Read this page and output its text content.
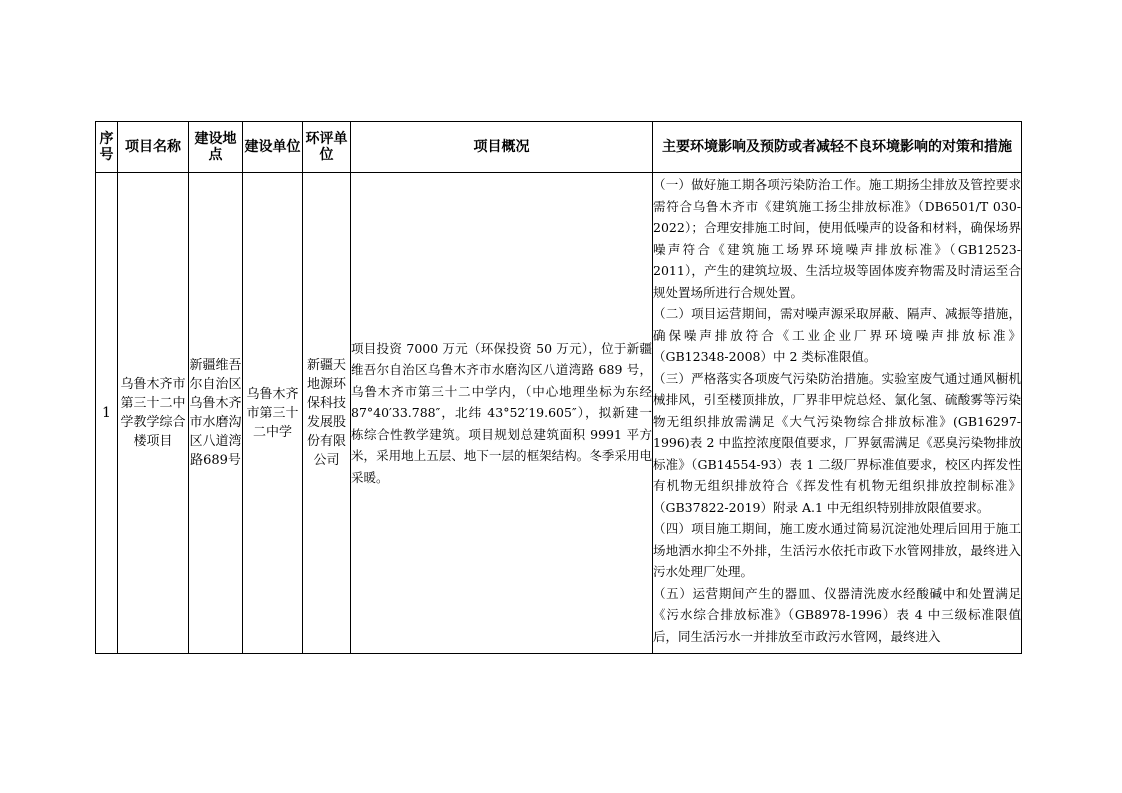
序号	项目名称	建设地点	建设单位	环评单位	项目概况	主要环境影响及预防或者减轻不良环境影响的对策和措施
1	乌鲁木齐市第三十二中学教学综合楼项目	新疆维吾尔自治区乌鲁木齐市水磨沟区八道湾路689号	乌鲁木齐市第三十二中学	新疆天地源环保科技发展股份有限公司	项目投资 7000 万元（环保投资 50 万元），位于新疆维吾尔自治区乌鲁木齐市水磨沟区八道湾路 689 号，乌鲁木齐市第三十二中学内，（中心地理坐标为东经 87°40′33.788″，北纬 43°52′19.605″），拟新建一栋综合性教学建筑。项目规划总建筑面积 9991 平方米，采用地上五层、地下一层的框架结构。冬季采用电采暖。	（一）做好施工期各项污染防治工作。施工期扬尘排放及管控要求需符合乌鲁木齐市《建筑施工扬尘排放标准》（DB6501/T 030-2022）；合理安排施工时间，使用低噪声的设备和材料，确保场界噪声符合《建筑施工场界环境噪声排放标准》（GB12523-2011），产生的建筑垃圾、生活垃圾等固体废弃物需及时清运至合规处置场所进行合规处置。

（二）项目运营期间，需对噪声源采取屏蔽、隔声、减振等措施，确保噪声排放符合《工业企业厂界环境噪声排放标准》（GB12348-2008）中 2 类标准限值。

（三）严格落实各项废气污染防治措施。实验室废气通过通风橱机械排风，引至楼顶排放，厂界非甲烷总烃、氯化氢、硫酸雾等污染物无组织排放需满足《大气污染物综合排放标准》(GB16297-1996)表 2 中监控浓度限值要求，厂界氨需满足《恶臭污染物排放标准》（GB14554-93）表 1 二级厂界标准值要求，校区内挥发性有机物无组织排放符合《挥发性有机物无组织排放控制标准》（GB37822-2019）附录 A.1 中无组织特别排放限值要求。

（四）项目施工期间，施工废水通过简易沉淀池处理后回用于施工场地洒水抑尘不外排，生活污水依托市政下水管网排放，最终进入污水处理厂处理。

（五）运营期间产生的器皿、仪器清洗废水经酸碱中和处置满足《污水综合排放标准》（GB8978-1996）表 4 中三级标准限值后，同生活污水一并排放至市政污水管网，最终进入
